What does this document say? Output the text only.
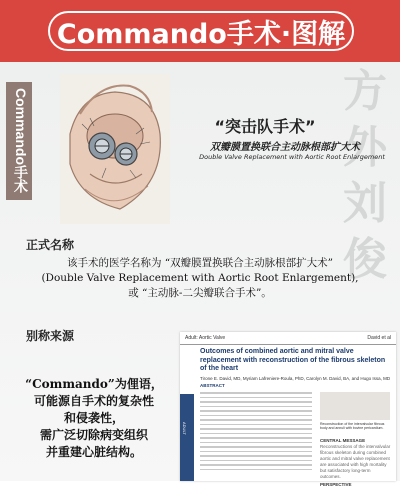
Commando手术·图解
Commando手术	方 外 刘 俊
“突击队手术”
双瓣膜置换联合主动脉根部扩大术
Double Valve Replacement with Aortic Root Enlargement
正式名称

该手术的医学名称为 “双瓣膜置换联合主动脉根部扩大术”

(Double Valve Replacement with Aortic Root Enlargement),

或 “主动脉-二尖瓣联合手术”。

别称来源

“Commando”为俚语，

可能源自手术的复杂性

和侵袭性，

需广泛切除病变组织

并重建心脏结构。

Adult: Aortic Valve	David et al
Outcomes of combined aortic and mitral valve replacement with reconstruction of the fibrous skeleton of the heart
Tirone E. David, MD, Myriam Lafreniere-Roula, PhD, Carolyn M. David, BA, and Hugo Issa, MD
ABSTRACT
ADULT	Reconstruction of the intervalvular fibrous body and annuli with bovine pericardium.
CENTRAL MESSAGE
Reconstructions of the intervalvular fibrous skeleton during combined aortic and mitral valve replacement are associated with high mortality but satisfactory long-term outcomes.
PERSPECTIVE
